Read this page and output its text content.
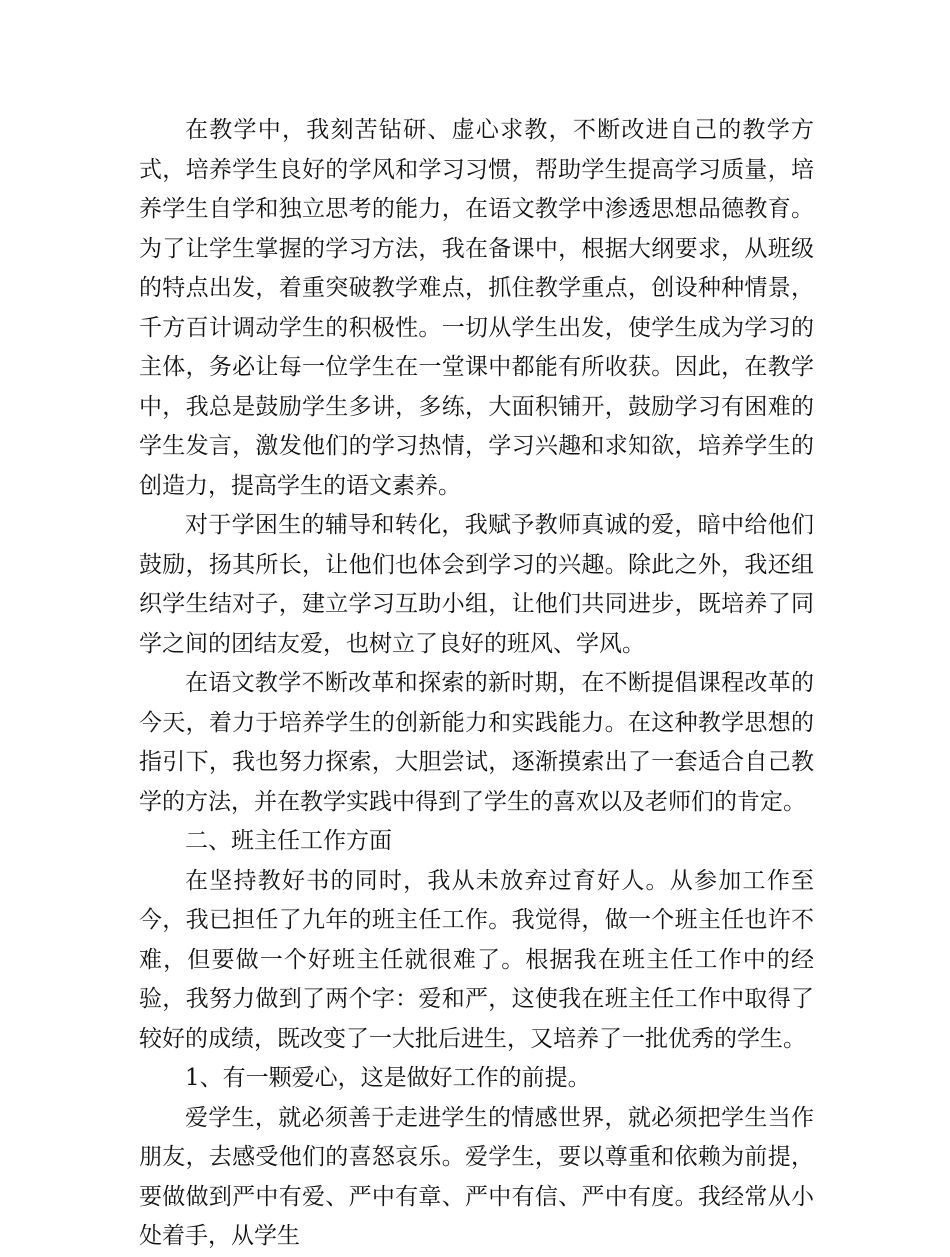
在教学中，我刻苦钻研、虚心求教，不断改进自己的教学方式，培养学生良好的学风和学习习惯，帮助学生提高学习质量，培养学生自学和独立思考的能力，在语文教学中渗透思想品德教育。为了让学生掌握的学习方法，我在备课中，根据大纲要求，从班级的特点出发，着重突破教学难点，抓住教学重点，创设种种情景，千方百计调动学生的积极性。一切从学生出发，使学生成为学习的主体，务必让每一位学生在一堂课中都能有所收获。因此，在教学中，我总是鼓励学生多讲，多练，大面积铺开，鼓励学习有困难的学生发言，激发他们的学习热情，学习兴趣和求知欲，培养学生的创造力，提高学生的语文素养。

对于学困生的辅导和转化，我赋予教师真诚的爱，暗中给他们鼓励，扬其所长，让他们也体会到学习的兴趣。除此之外，我还组织学生结对子，建立学习互助小组，让他们共同进步，既培养了同学之间的团结友爱，也树立了良好的班风、学风。

在语文教学不断改革和探索的新时期，在不断提倡课程改革的今天，着力于培养学生的创新能力和实践能力。在这种教学思想的指引下，我也努力探索，大胆尝试，逐渐摸索出了一套适合自己教学的方法，并在教学实践中得到了学生的喜欢以及老师们的肯定。

二、班主任工作方面

在坚持教好书的同时，我从未放弃过育好人。从参加工作至今，我已担任了九年的班主任工作。我觉得，做一个班主任也许不难，但要做一个好班主任就很难了。根据我在班主任工作中的经验，我努力做到了两个字：爱和严，这使我在班主任工作中取得了较好的成绩，既改变了一大批后进生，又培养了一批优秀的学生。

1、有一颗爱心，这是做好工作的前提。

爱学生，就必须善于走进学生的情感世界，就必须把学生当作朋友，去感受他们的喜怒哀乐。爱学生，要以尊重和依赖为前提，要做做到严中有爱、严中有章、严中有信、严中有度。我经常从小处着手，从学生
